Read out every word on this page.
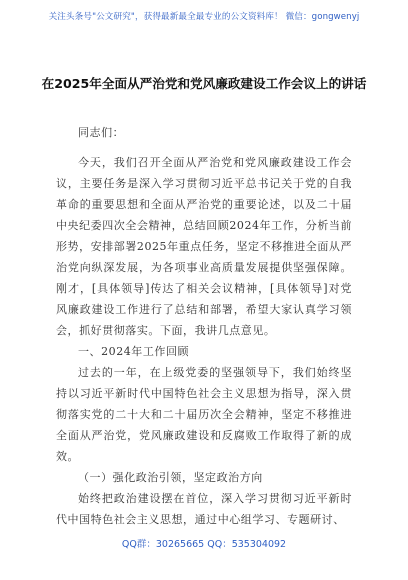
关注头条号"公文研究"，获得最新最全最专业的公文资料库！ 微信：gongwenyj
在2025年全面从严治党和党风廉政建设工作会议上的讲话

同志们：

今天，我们召开全面从严治党和党风廉政建设工作会议，主要任务是深入学习贯彻习近平总书记关于党的自我革命的重要思想和全面从严治党的重要论述，以及二十届中央纪委四次全会精神，总结回顾2024年工作，分析当前形势，安排部署2025年重点任务，坚定不移推进全面从严治党向纵深发展，为各项事业高质量发展提供坚强保障。刚才，[具体领导]传达了相关会议精神，[具体领导]对党风廉政建设工作进行了总结和部署，希望大家认真学习领会，抓好贯彻落实。下面，我讲几点意见。

一、2024年工作回顾

过去的一年，在上级党委的坚强领导下，我们始终坚持以习近平新时代中国特色社会主义思想为指导，深入贯彻落实党的二十大和二十届历次全会精神，坚定不移推进全面从严治党，党风廉政建设和反腐败工作取得了新的成效。

（一）强化政治引领，坚定政治方向

始终把政治建设摆在首位，深入学习贯彻习近平新时代中国特色社会主义思想，通过中心组学习、专题研讨、

QQ群：30265665 QQ：535304092
